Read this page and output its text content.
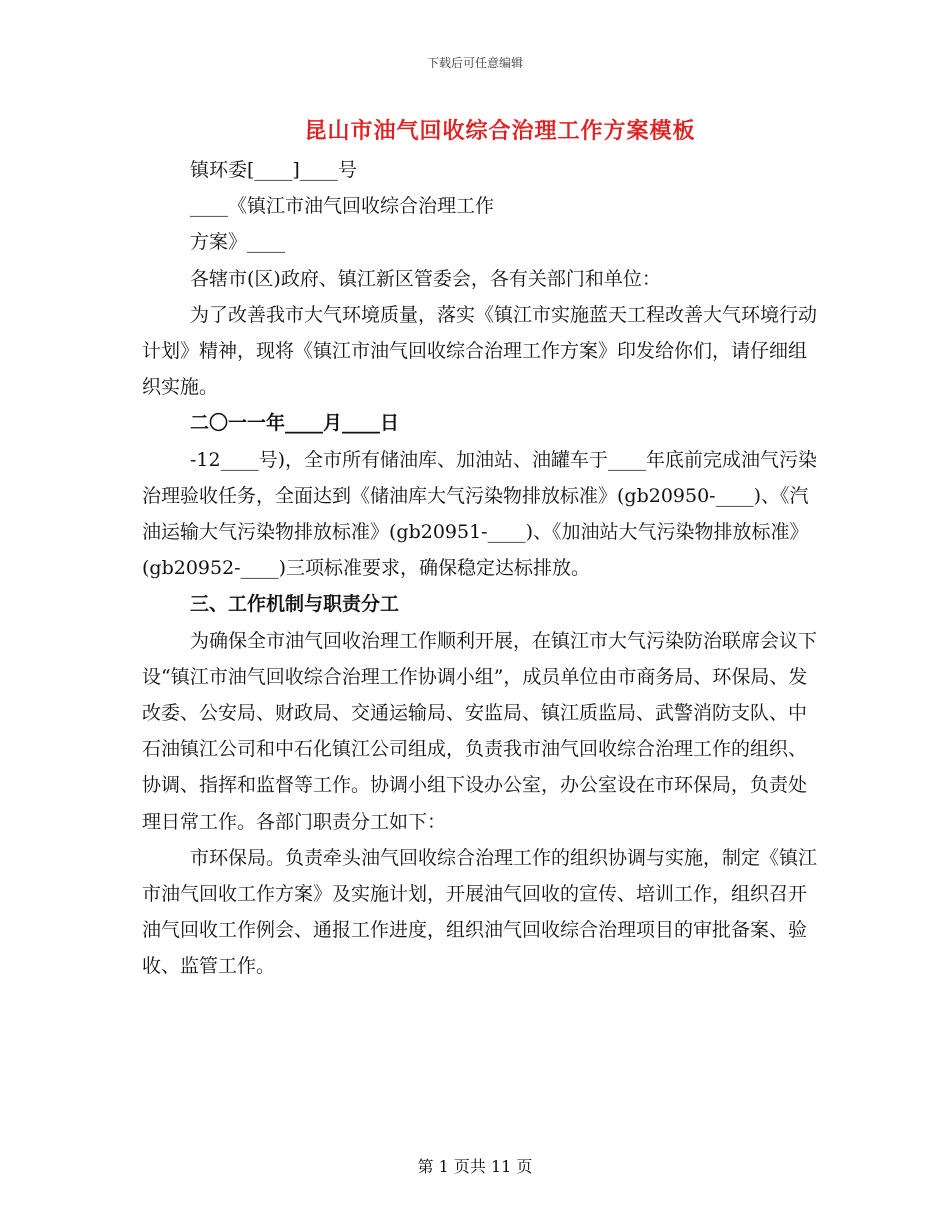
下载后可任意编辑
昆山市油气回收综合治理工作方案模板

镇环委[____]____号

____《镇江市油气回收综合治理工作

方案》____

各辖市(区)政府、镇江新区管委会，各有关部门和单位：

为了改善我市大气环境质量，落实《镇江市实施蓝天工程改善大气环境行动计划》精神，现将《镇江市油气回收综合治理工作方案》印发给你们，请仔细组织实施。

二〇一一年____月____日

-12____号)，全市所有储油库、加油站、油罐车于____年底前完成油气污染治理验收任务，全面达到《储油库大气污染物排放标准》(gb20950-____)、《汽油运输大气污染物排放标准》(gb20951-____)、《加油站大气污染物排放标准》(gb20952-____)三项标准要求，确保稳定达标排放。

三、工作机制与职责分工

为确保全市油气回收治理工作顺利开展，在镇江市大气污染防治联席会议下设“镇江市油气回收综合治理工作协调小组”，成员单位由市商务局、环保局、发改委、公安局、财政局、交通运输局、安监局、镇江质监局、武警消防支队、中石油镇江公司和中石化镇江公司组成，负责我市油气回收综合治理工作的组织、协调、指挥和监督等工作。协调小组下设办公室，办公室设在市环保局，负责处理日常工作。各部门职责分工如下：

市环保局。负责牵头油气回收综合治理工作的组织协调与实施，制定《镇江市油气回收工作方案》及实施计划，开展油气回收的宣传、培训工作，组织召开油气回收工作例会、通报工作进度，组织油气回收综合治理项目的审批备案、验收、监管工作。

第 1 页共 11 页
